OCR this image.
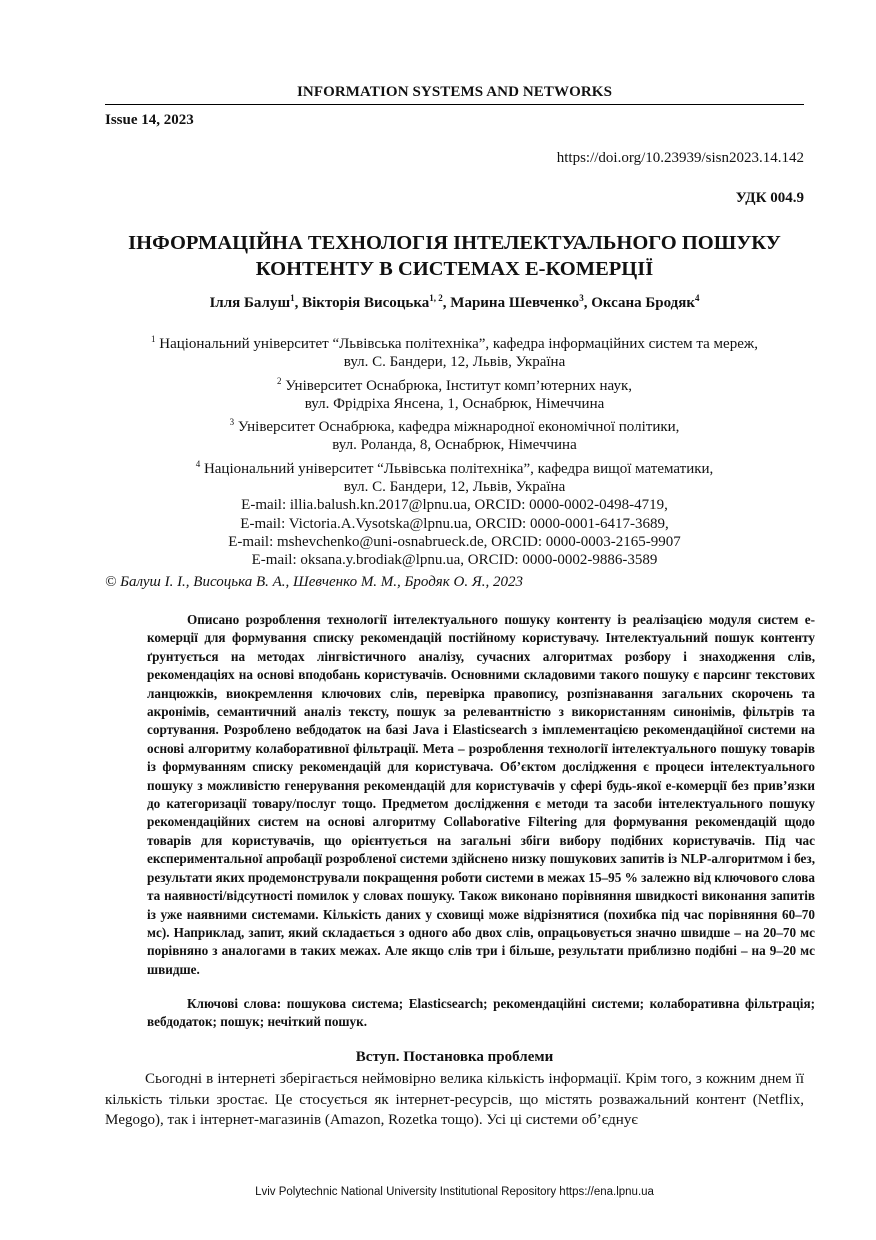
INFORMATION SYSTEMS AND NETWORKS
Issue 14, 2023
https://doi.org/10.23939/sisn2023.14.142
УДК 004.9
ІНФОРМАЦІЙНА ТЕХНОЛОГІЯ ІНТЕЛЕКТУАЛЬНОГО ПОШУКУ
КОНТЕНТУ В СИСТЕМАХ Е-КОМЕРЦІЇ
Ілля Балуш$^1$, Вікторія Висоцька$^{1, 2}$, Марина Шевченко$^3$, Оксана Бродяк$^4$
$^1$ Національний університет “Львівська політехніка”, кафедра інформаційних систем та мереж,
вул. С. Бандери, 12, Львів, Україна
$^2$ Університет Оснабрюка, Інститут комп’ютерних наук,
вул. Фрідріха Янсена, 1, Оснабрюк, Німеччина
$^3$ Університет Оснабрюка, кафедра міжнародної економічної політики,
вул. Роланда, 8, Оснабрюк, Німеччина
$^4$ Національний університет “Львівська політехніка”, кафедра вищої математики,
вул. С. Бандери, 12, Львів, Україна
E-mail: illia.balush.kn.2017@lpnu.ua, ORCID: 0000-0002-0498-4719,
E-mail: Victoria.A.Vysotska@lpnu.ua, ORCID: 0000-0001-6417-3689,
E-mail: mshevchenko@uni-osnabrueck.de, ORCID: 0000-0003-2165-9907
E-mail: oksana.y.brodiak@lpnu.ua, ORCID: 0000-0002-9886-3589
© Балуш І. І., Висоцька В. А., Шевченко М. М., Бродяк О. Я., 2023
Описано розроблення технології інтелектуального пошуку контенту із реалізацією модуля систем е-комерції для формування списку рекомендацій постійному користувачу. Інтелектуальний пошук контенту ґрунтується на методах лінгвістичного аналізу, сучасних алгоритмах розбору і знаходження слів, рекомендаціях на основі вподобань користувачів. Основними складовими такого пошуку є парсинг текстових ланцюжків, виокремлення ключових слів, перевірка правопису, розпізнавання загальних скорочень та акронімів, семантичний аналіз тексту, пошук за релевантністю з використанням синонімів, фільтрів та сортування. Розроблено вебдодаток на базі Java і Elasticsearch з імплементацією рекомендаційної системи на основі алгоритму колаборативної фільтрації. Мета – розроблення технології інтелектуального пошуку товарів із формуванням списку рекомендацій для користувача. Об’єктом дослідження є процеси інтелектуального пошуку з можливістю генерування рекомендацій для користувачів у сфері будь-якої е-комерції без прив’язки до категоризації товару/послуг тощо. Предметом дослідження є методи та засоби інтелектуального пошуку рекомендаційних систем на основі алгоритму Collaborative Filtering для формування рекомендацій щодо товарів для користувачів, що орієнтується на загальні збіги вибору подібних користувачів. Під час експериментальної апробації розробленої системи здійснено низку пошукових запитів із NLP-алгоритмом і без, результати яких продемонстрували покращення роботи системи в межах 15–95 % залежно від ключового слова та наявності/відсутності помилок у словах пошуку. Також виконано порівняння швидкості виконання запитів із уже наявними системами. Кількість даних у сховищі може відрізнятися (похибка під час порівняння 60–70 мс). Наприклад, запит, який складається з одного або двох слів, опрацьовується значно швидше – на 20–70 мс порівняно з аналогами в таких межах. Але якщо слів три і більше, результати приблизно подібні – на 9–20 мс швидше.
Ключові слова: пошукова система; Elasticsearch; рекомендаційні системи; колаборативна фільтрація; вебдодаток; пошук; нечіткий пошук.
Вступ. Постановка проблеми
Сьогодні в інтернеті зберігається неймовірно велика кількість інформації. Крім того, з кожним днем її кількість тільки зростає. Це стосується як інтернет-ресурсів, що містять розважальний контент (Netflix, Megogo), так і інтернет-магазинів (Amazon, Rozetka тощо). Усі ці системи об’єднує
Lviv Polytechnic National University Institutional Repository https://ena.lpnu.ua
